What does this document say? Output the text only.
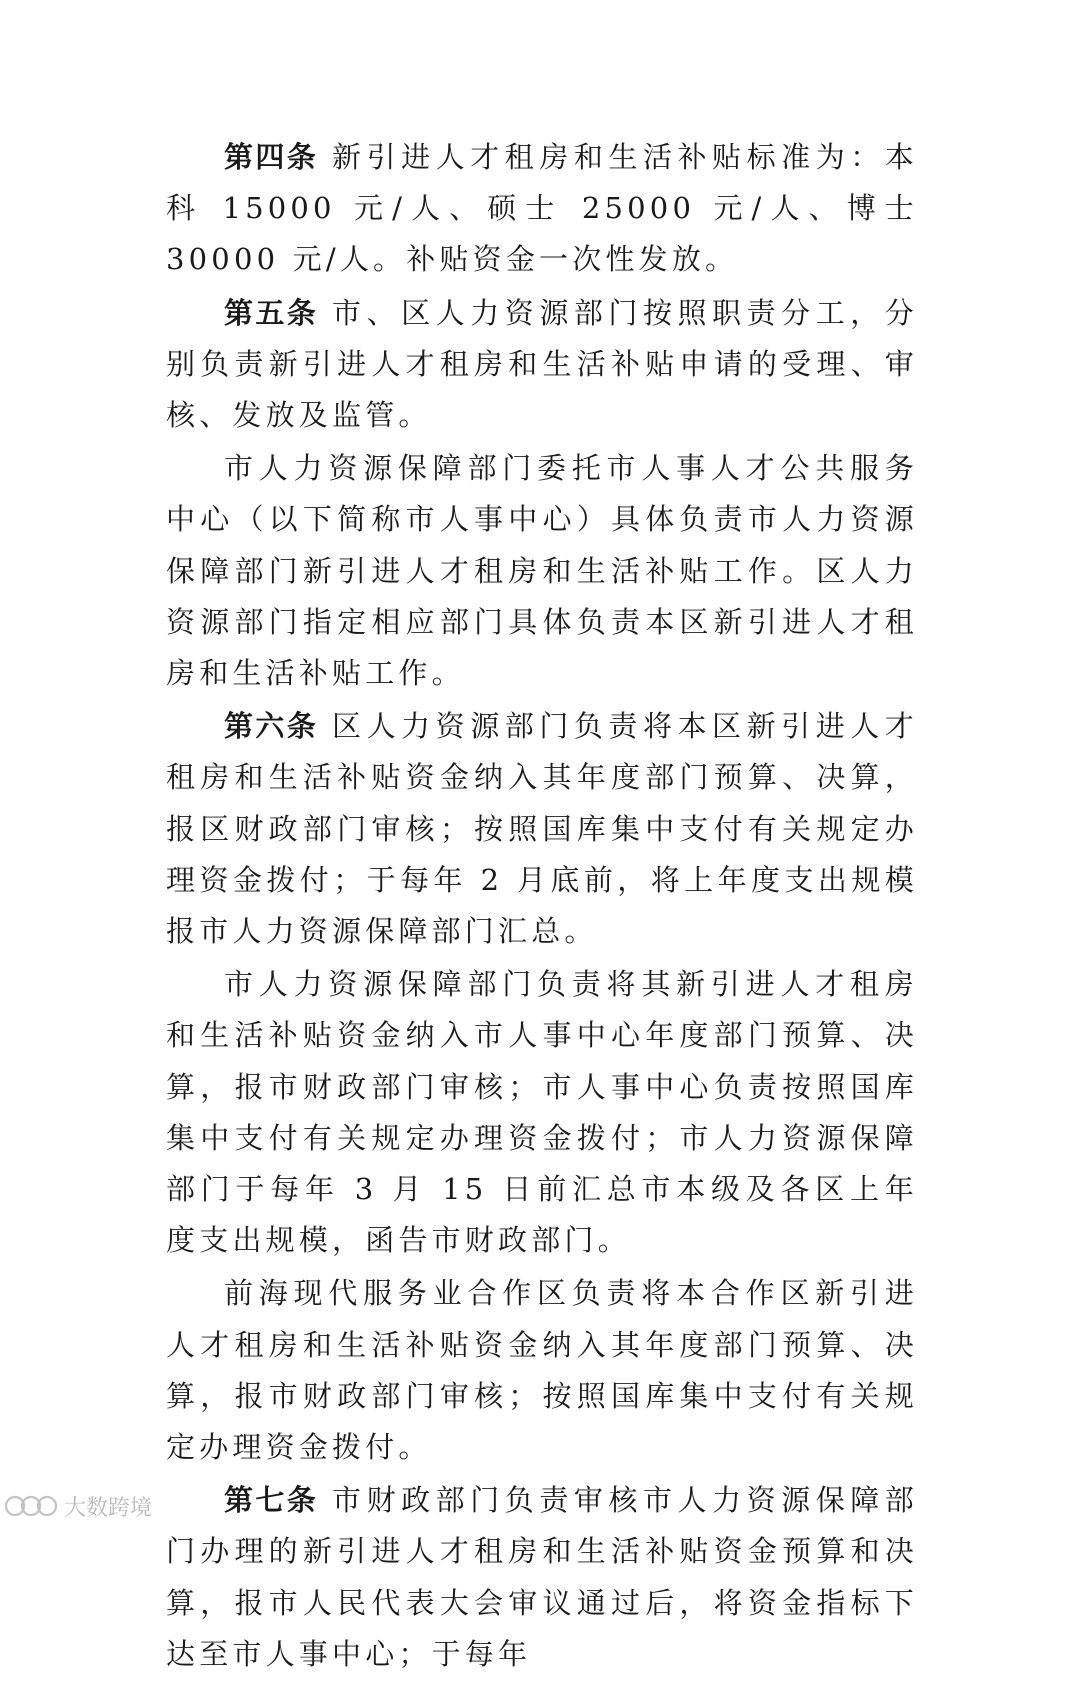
第四条 新引进人才租房和生活补贴标准为：本科 15000 元/人、硕士 25000 元/人、博士 30000 元/人。补贴资金一次性发放。

第五条 市、区人力资源部门按照职责分工，分别负责新引进人才租房和生活补贴申请的受理、审核、发放及监管。

市人力资源保障部门委托市人事人才公共服务中心（以下简称市人事中心）具体负责市人力资源保障部门新引进人才租房和生活补贴工作。区人力资源部门指定相应部门具体负责本区新引进人才租房和生活补贴工作。

第六条 区人力资源部门负责将本区新引进人才租房和生活补贴资金纳入其年度部门预算、决算，报区财政部门审核；按照国库集中支付有关规定办理资金拨付；于每年 2 月底前，将上年度支出规模报市人力资源保障部门汇总。

市人力资源保障部门负责将其新引进人才租房和生活补贴资金纳入市人事中心年度部门预算、决算，报市财政部门审核；市人事中心负责按照国库集中支付有关规定办理资金拨付；市人力资源保障部门于每年 3 月 15 日前汇总市本级及各区上年度支出规模，函告市财政部门。

前海现代服务业合作区负责将本合作区新引进人才租房和生活补贴资金纳入其年度部门预算、决算，报市财政部门审核；按照国库集中支付有关规定办理资金拨付。

第七条 市财政部门负责审核市人力资源保障部门办理的新引进人才租房和生活补贴资金预算和决算，报市人民代表大会审议通过后，将资金指标下达至市人事中心；于每年

大数跨境
